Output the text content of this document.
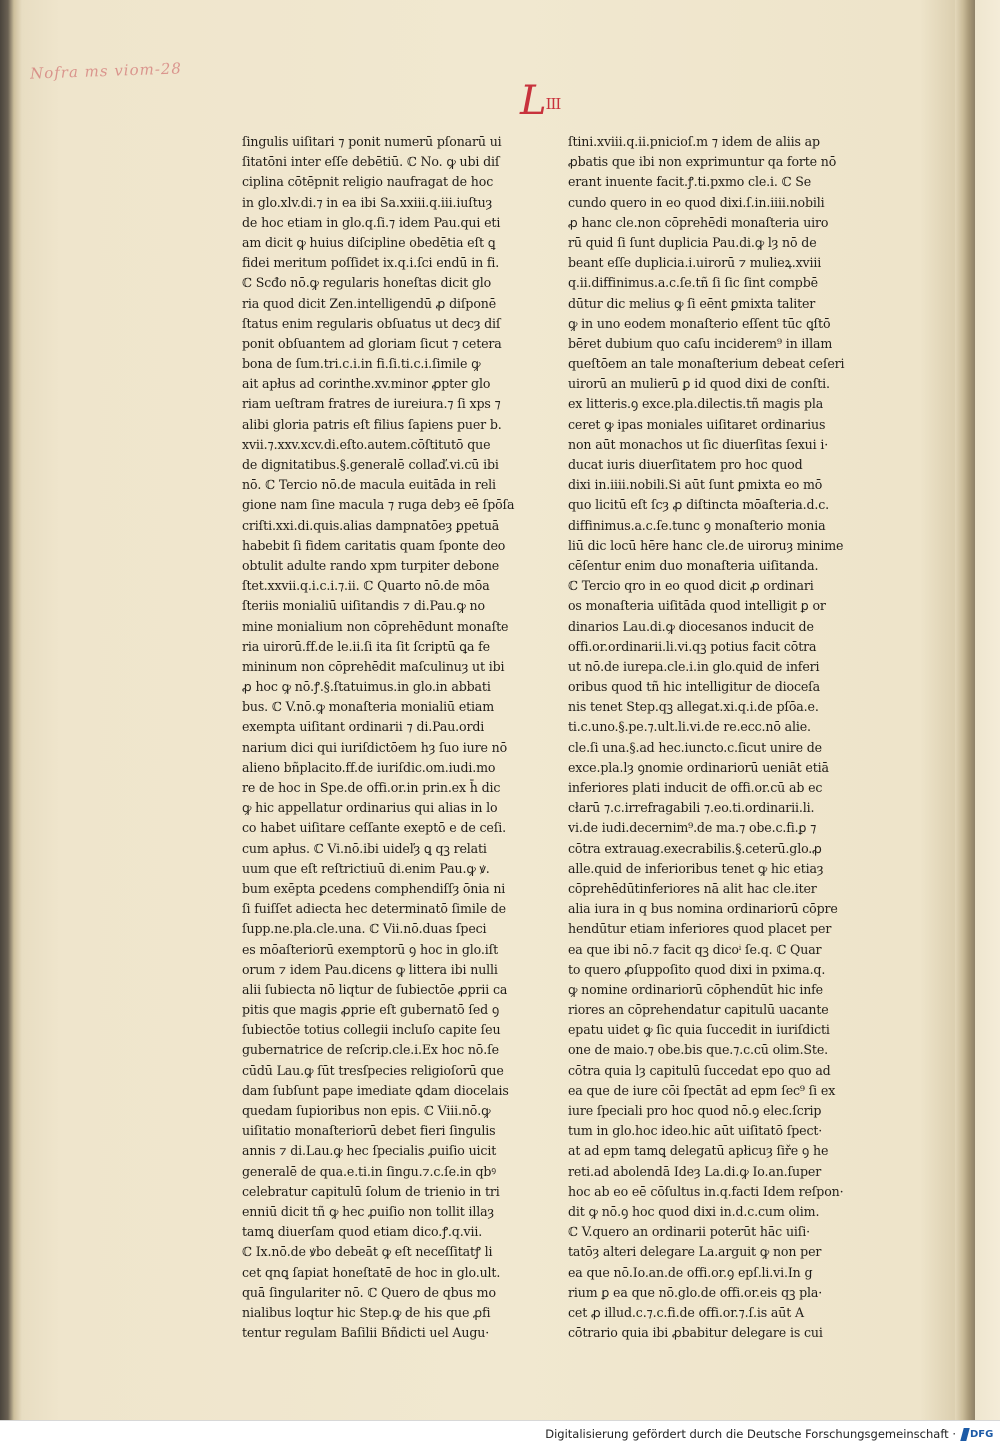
Nofra ms viom-28
LIII
ſingulis uiſitari ⁊ ponit numerū pſonarū ui
ſitatōni inter eſſe debētiū. ℂ No. ꝙ ubi diſ
ciplina cōtēpnit religio naufragat de hoc
in glo.xlv.di.⁊ in ea ibi Sa.xxiii.q.iii.iuſtuȝ
de hoc etiam in glo.q.ſi.⁊ idem Pau.qui eti
am dicit ꝙ huius diſcipline obedētia eſt ꝗ
fidei meritum poſſidet ix.q.i.ſci endū in fi.
ℂ Scđo nō.ꝙ regularis honeſtas dicit glo
ria quod dicit Zen.intelligendū ꝓ diſponē
ſtatus enim regularis obſuatus ut decȝ diſ
ponit obſuantem ad gloriam ſicut ⁊ cetera
bona de ſum.tri.c.i.in fi.ſi.ti.c.i.ſimile ꝙ
ait apłus ad corinthe.xv.minor ꝓpter glo
riam ueſtram fratres de iureiura.⁊ ſi xps ⁊
alibi gloria patris eſt filius ſapiens puer b.
xvii.⁊.xxv.xcv.di.eſto.autem.cōſtitutō que
de dignitatibus.§.generalē collaď.vi.cū ibi
nō. ℂ Tercio nō.de macula euitāda in reli
gione nam ſine macula ⁊ ruga debȝ eē ſpōſa
criſti.xxi.di.quis.alias dampnatōeȝ ꝑpetuā
habebit ſi fidem caritatis quam ſponte deo
obtulit adulte rando xpm turpiter debone
ſtet.xxvii.q.i.c.i.⁊.ii. ℂ Quarto nō.de mōa
ſteriis monialiū uiſitandis ⁊ di.Pau.ꝙ no
mine monialium non cōprehēdunt monaſte
ria uirorū.ff.de le.ii.ſi ita ſit ſcriptū ꝗa fe
mininum non cōprehēdit maſculinuȝ ut ibi
ꝓ hoc ꝙ nō.ꝭ.§.ſtatuimus.in glo.in abbati
bus. ℂ V.nō.ꝙ monaſteria monialiū etiam
exempta uiſitant ordinarii ⁊ di.Pau.ordi
narium dici qui iuriſdictōem hȝ ſuo iure nō
alieno bñplacito.ff.de iuriſdic.om.iudi.mo
re de hoc in Spe.de offi.or.in prin.ex h̄ dic
ꝙ hic appellatur ordinarius qui alias in lo
co habet uiſitare ceſſante exeptō e de ceſi.
cum apłus. ℂ Vi.nō.ibi uideľȝ ꝗ qꝫ relati
uum que eſt reſtrictiuū di.enim Pau.ꝙ ꝟ.
bum exēpta ꝑcedens comphendiſſȝ ōnia ni
ſi fuiſſet adiecta hec determinatō ſimile de
ſupp.ne.pla.cle.una. ℂ Vii.nō.duas ſpeci
es mōaſteriorū exemptorū ꝯ hoc in glo.iſt
orum ⁊ idem Pau.dicens ꝙ littera ibi nulli
alii ſubiecta nō liqtur de ſubiectōe ꝓprii ca
pitis que magis ꝓprie eſt gubernatō ſed ꝯ
ſubiectōe totius collegii incluſo capite ſeu
gubernatrice de reſcrip.cle.i.Ex hoc nō.ſe
cūdū Lau.ꝙ ſūt tresſpecies religioſorū que
dam ſubſunt pape imediate ꝗdam diocelais
quedam ſupioribus non epis. ℂ Viii.nō.ꝙ
uiſitatio monaſteriorū debet fieri ſingulis
annis ⁊ di.Lau.ꝙ hec ſpecialis ꝓuiſio uicit
generalē de qua.e.ti.in ſingu.⁊.c.ſe.in qbꝰ
celebratur capitulū ſolum de trienio in tri
enniū dicit tñ ꝙ hec ꝓuiſio non tollit illaȝ
tamꝗ diuerſam quod etiam dico.ꝭ.q.vii.
ℂ Ix.nō.de ꝟbo debeāt ꝙ eſt neceſſitatꝭ li
cet qnꝗ ſapiat honeſtatē de hoc in glo.ult.
quā ſingulariter nō. ℂ Quero de qbus mo
nialibus loqtur hic Step.ꝙ de his que ꝓfi
tentur regulam Baſilii Bñdicti uel Augu·
ſtini.xviii.q.ii.pnicioſ.m ⁊ idem de aliis ap
ꝓbatis que ibi non exprimuntur qa forte nō
erant inuente facit.ꝭ.ti.pxmo cle.i. ℂ Se
cundo quero in eo quod dixi.ſ.in.iiii.nobili
ꝓ hanc cle.non cōprehēdi monaſteria uiro
rū quid ſi ſunt duplicia Pau.di.ꝙ lȝ nō de
beant eſſe duplicia.i.uirorū ⁊ mulieꝝ.xviii
q.ii.diffinimus.a.c.ſe.tñ ſi ſic ſint compbē
dūtur dic melius ꝙ ſi eēnt ꝑmixta taliter
ꝙ in uno eodem monaſterio eſſent tūc ꝗſtō
bēret dubium quo caſu inciderem⁹ in illam
queſtōem an tale monaſterium debeat ceſeri
uirorū an mulierū ꝑ id quod dixi de conſti.
ex litteris.ꝯ exce.pla.dilectis.tñ magis pla
ceret ꝙ ipas moniales uiſitaret ordinarius
non aūt monachos ut ſic diuerſitas ſexui i·
ducat iuris diuerſitatem pro hoc quod
dixi in.iiii.nobili.Si aūt ſunt ꝑmixta eo mō
quo licitū eſt ſcȝ ꝓ diſtincta mōaſteria.d.c.
diffinimus.a.c.ſe.tunc ꝯ monaſterio monia
liū dic locū hēre hanc cle.de uiroruȝ minime
cēſentur enim duo monaſteria uiſitanda.
ℂ Tercio qro in eo quod dicit ꝓ ordinari
os monaſteria uiſitāda quod intelligit ꝑ or
dinarios Lau.di.ꝙ diocesanos inducit de
offi.or.ordinarii.li.vi.qꝫ potius facit cōtra
ut nō.de iurepa.cle.i.in glo.quid de inferi
oribus quod tñ hic intelligitur de dioceſa
nis tenet Step.qꝫ allegat.xi.q.i.de pſōa.e.
ti.c.uno.§.pe.⁊.ult.li.vi.de re.ecc.nō alie.
cle.ſi una.§.ad hec.iuncto.c.ſicut unire de
exce.pla.lȝ ꝯnomie ordinariorū ueniāt etiā
inferiores plati inducit de offi.or.cū ab ec
cłarū ⁊.c.irrefragabili ⁊.eo.ti.ordinarii.li.
vi.de iudi.decernim⁹.de ma.⁊ obe.c.fi.ꝑ ⁊
cōtra extrauag.execrabilis.§.ceterū.glo.ꝓ
alle.quid de inferioribus tenet ꝙ hic etiaȝ
cōprehēdūtinferiores nā alit hac cle.iter
alia iura in q bus nomina ordinariorū cōpre
hendūtur etiam inferiores quod placet per
ea que ibi nō.⁊ facit qꝫ dicoⁱ ſe.q. ℂ Quar
to quero ꝓſuppoſito quod dixi in pxima.q.
ꝙ nomine ordinariorū cōphendūt hic infe
riores an cōprehendatur capitulū uacante
epatu uidet ꝙ ſic quia ſuccedit in iuriſdicti
one de maio.⁊ obe.bis que.⁊.c.cū olim.Ste.
cōtra quia lȝ capitulū ſuccedat epo quo ad
ea que de iure cōi ſpectāt ad epm ſec⁹ ſi ex
iure ſpeciali pro hoc quod nō.ꝯ elec.ſcrip
tum in glo.hoc ideo.hic aūt uiſitatō ſpect·
at ad epm tamꝗ delegatū apłicuȝ ſiře ꝯ he
reti.ad abolendā Ideȝ La.di.ꝙ Io.an.ſuper
hoc ab eo eē cōſultus in.q.facti Idem reſpon·
dit ꝙ nō.ꝯ hoc quod dixi in.d.c.cum olim.
ℂ V.quero an ordinarii poterūt hāc uiſi·
tatōȝ alteri delegare La.arguit ꝙ non per
ea que nō.Io.an.de offi.or.ꝯ epſ.li.vi.In g
rium ꝑ ea que nō.glo.de offi.or.eis qꝫ pla·
cet ꝓ illud.c.⁊.c.fi.de offi.or.⁊.ſ.is aūt A
cōtrario quia ibi ꝓbabitur delegare is cui
Digitalisierung gefördert durch die Deutsche Forschungsgemeinschaft · DFG
